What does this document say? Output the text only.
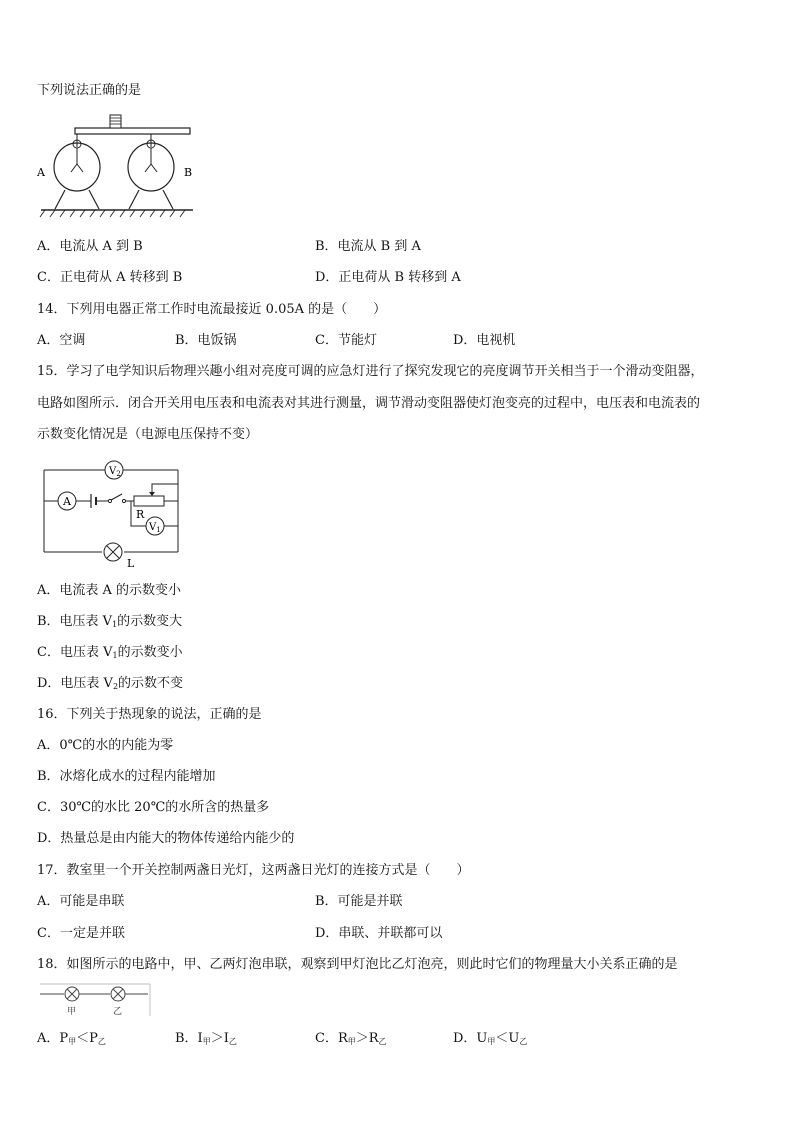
下列说法正确的是
A	B
A．电流从 A 到 B	B．电流从 B 到 A
C．正电荷从 A 转移到 B	D．正电荷从 B 转移到 A
14．下列用电器正常工作时电流最接近 0.05A 的是（　　）
A．空调	B．电饭锅	C．节能灯	D．电视机
15．学习了电学知识后物理兴趣小组对亮度可调的应急灯进行了探究发现它的亮度调节开关相当于一个滑动变阻器，
电路如图所示．闭合开关用电压表和电流表对其进行测量，调节滑动变阻器使灯泡变亮的过程中，电压表和电流表的
示数变化情况是（电源电压保持不变）
$V_2$
A
R
$V_1$
L
A．电流表 A 的示数变小
B．电压表 $V_1$的示数变大
C．电压表 $V_1$的示数变小
D．电压表 $V_2$的示数不变
16．下列关于热现象的说法，正确的是
A．0℃的水的内能为零
B．冰熔化成水的过程内能增加
C．30℃的水比 20℃的水所含的热量多
D．热量总是由内能大的物体传递给内能少的
17．教室里一个开关控制两盏日光灯，这两盏日光灯的连接方式是（　　）
A．可能是串联	B．可能是并联
C．一定是并联	D．串联、并联都可以
18．如图所示的电路中，甲、乙两灯泡串联，观察到甲灯泡比乙灯泡亮，则此时它们的物理量大小关系正确的是
甲	乙
A．$P_甲<P_乙$	B．$I_甲>I_乙$	C．$R_甲>R_乙$	D．$U_甲<U_乙$
